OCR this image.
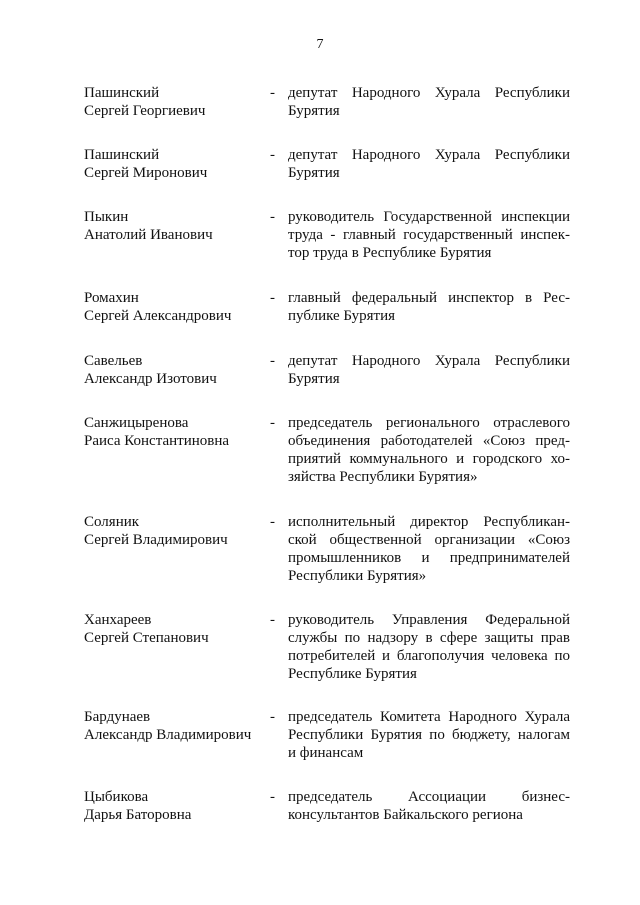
7
Пашинский
Сергей Георгиевич
- депутат Народного Хурала Республики
Бурятия
Пашинский
Сергей Миронович
- депутат Народного Хурала Республики
Бурятия
Пыкин
Анатолий Иванович
- руководитель Государственной инспекции
труда - главный государственный инспек-
тор труда в Республике Бурятия
Ромахин
Сергей Александрович
- главный федеральный инспектор в Рес-
публике Бурятия
Савельев
Александр Изотович
- депутат Народного Хурала Республики
Бурятия
Санжицыренова
Раиса Константиновна
- председатель регионального отраслевого
объединения работодателей «Союз пред-
приятий коммунального и городского хо-
зяйства Республики Бурятия»
Соляник
Сергей Владимирович
- исполнительный директор Республикан-
ской общественной организации «Союз
промышленников и предпринимателей
Республики Бурятия»
Ханхареев
Сергей Степанович
- руководитель Управления Федеральной
службы по надзору в сфере защиты прав
потребителей и благополучия человека по
Республике Бурятия
Бардунаев
Александр Владимирович
- председатель Комитета Народного Хурала
Республики Бурятия по бюджету, налогам
и финансам
Цыбикова
Дарья Баторовна
- председатель Ассоциации бизнес-
консультантов Байкальского региона
